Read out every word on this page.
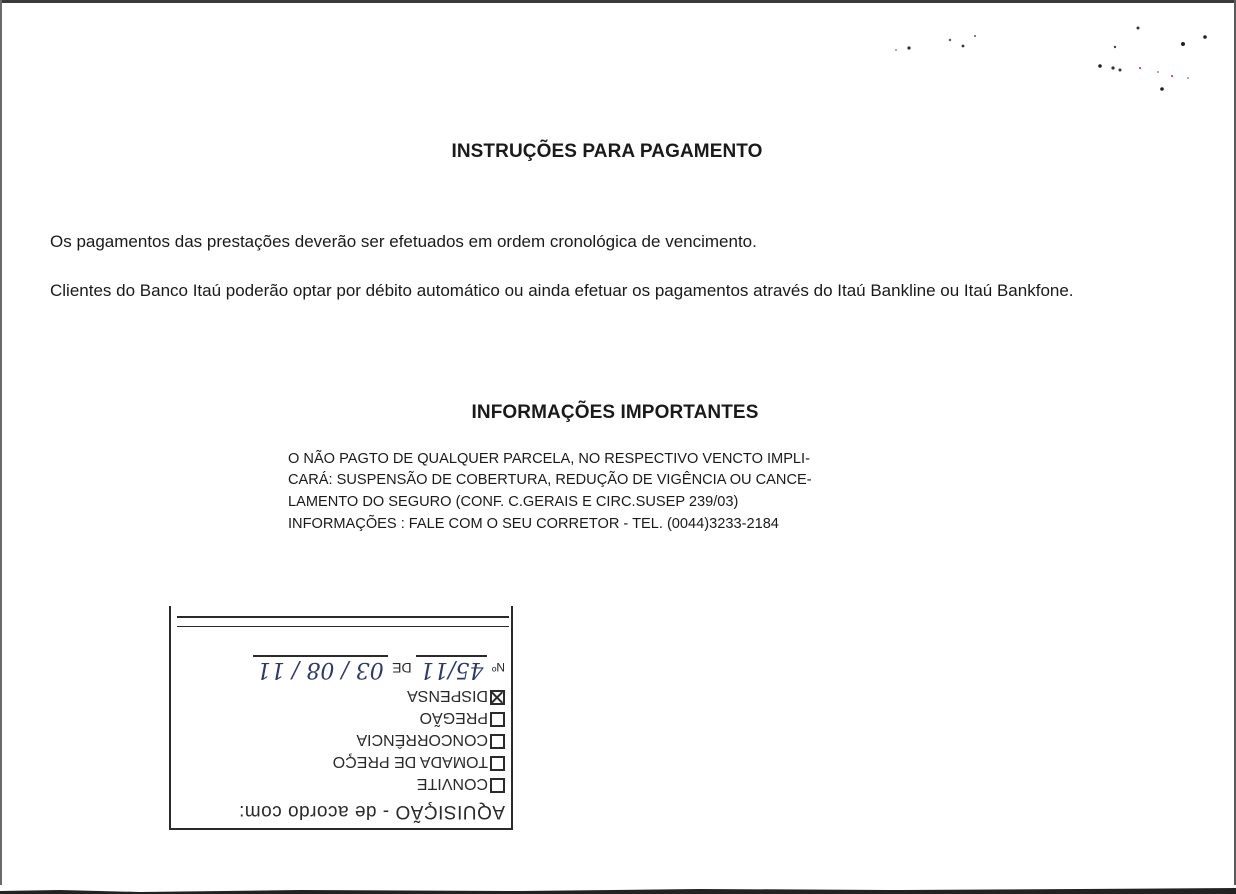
INSTRUÇÕES PARA PAGAMENTO
Os pagamentos das prestações deverão ser efetuados em ordem cronológica de vencimento.
Clientes do Banco Itaú poderão optar por débito automático ou ainda efetuar os pagamentos através do Itaú Bankline ou Itaú Bankfone.
INFORMAÇÕES IMPORTANTES
O NÃO PAGTO DE QUALQUER PARCELA, NO RESPECTIVO VENCTO IMPLI-
CARÁ: SUSPENSÃO DE COBERTURA, REDUÇÃO DE VIGÊNCIA OU CANCE-
LAMENTO DO SEGURO (CONF. C.GERAIS E CIRC.SUSEP 239/03)
INFORMAÇÕES : FALE COM O SEU CORRETOR - TEL. (0044)3233-2184
AQUISIÇÃO - de acordo com:
CONVITE
TOMADA DE PREÇO
CONCORRÊNCIA
PREGÃO
DISPENSA
Nº 45/11 DE 03 / 08 / 11
